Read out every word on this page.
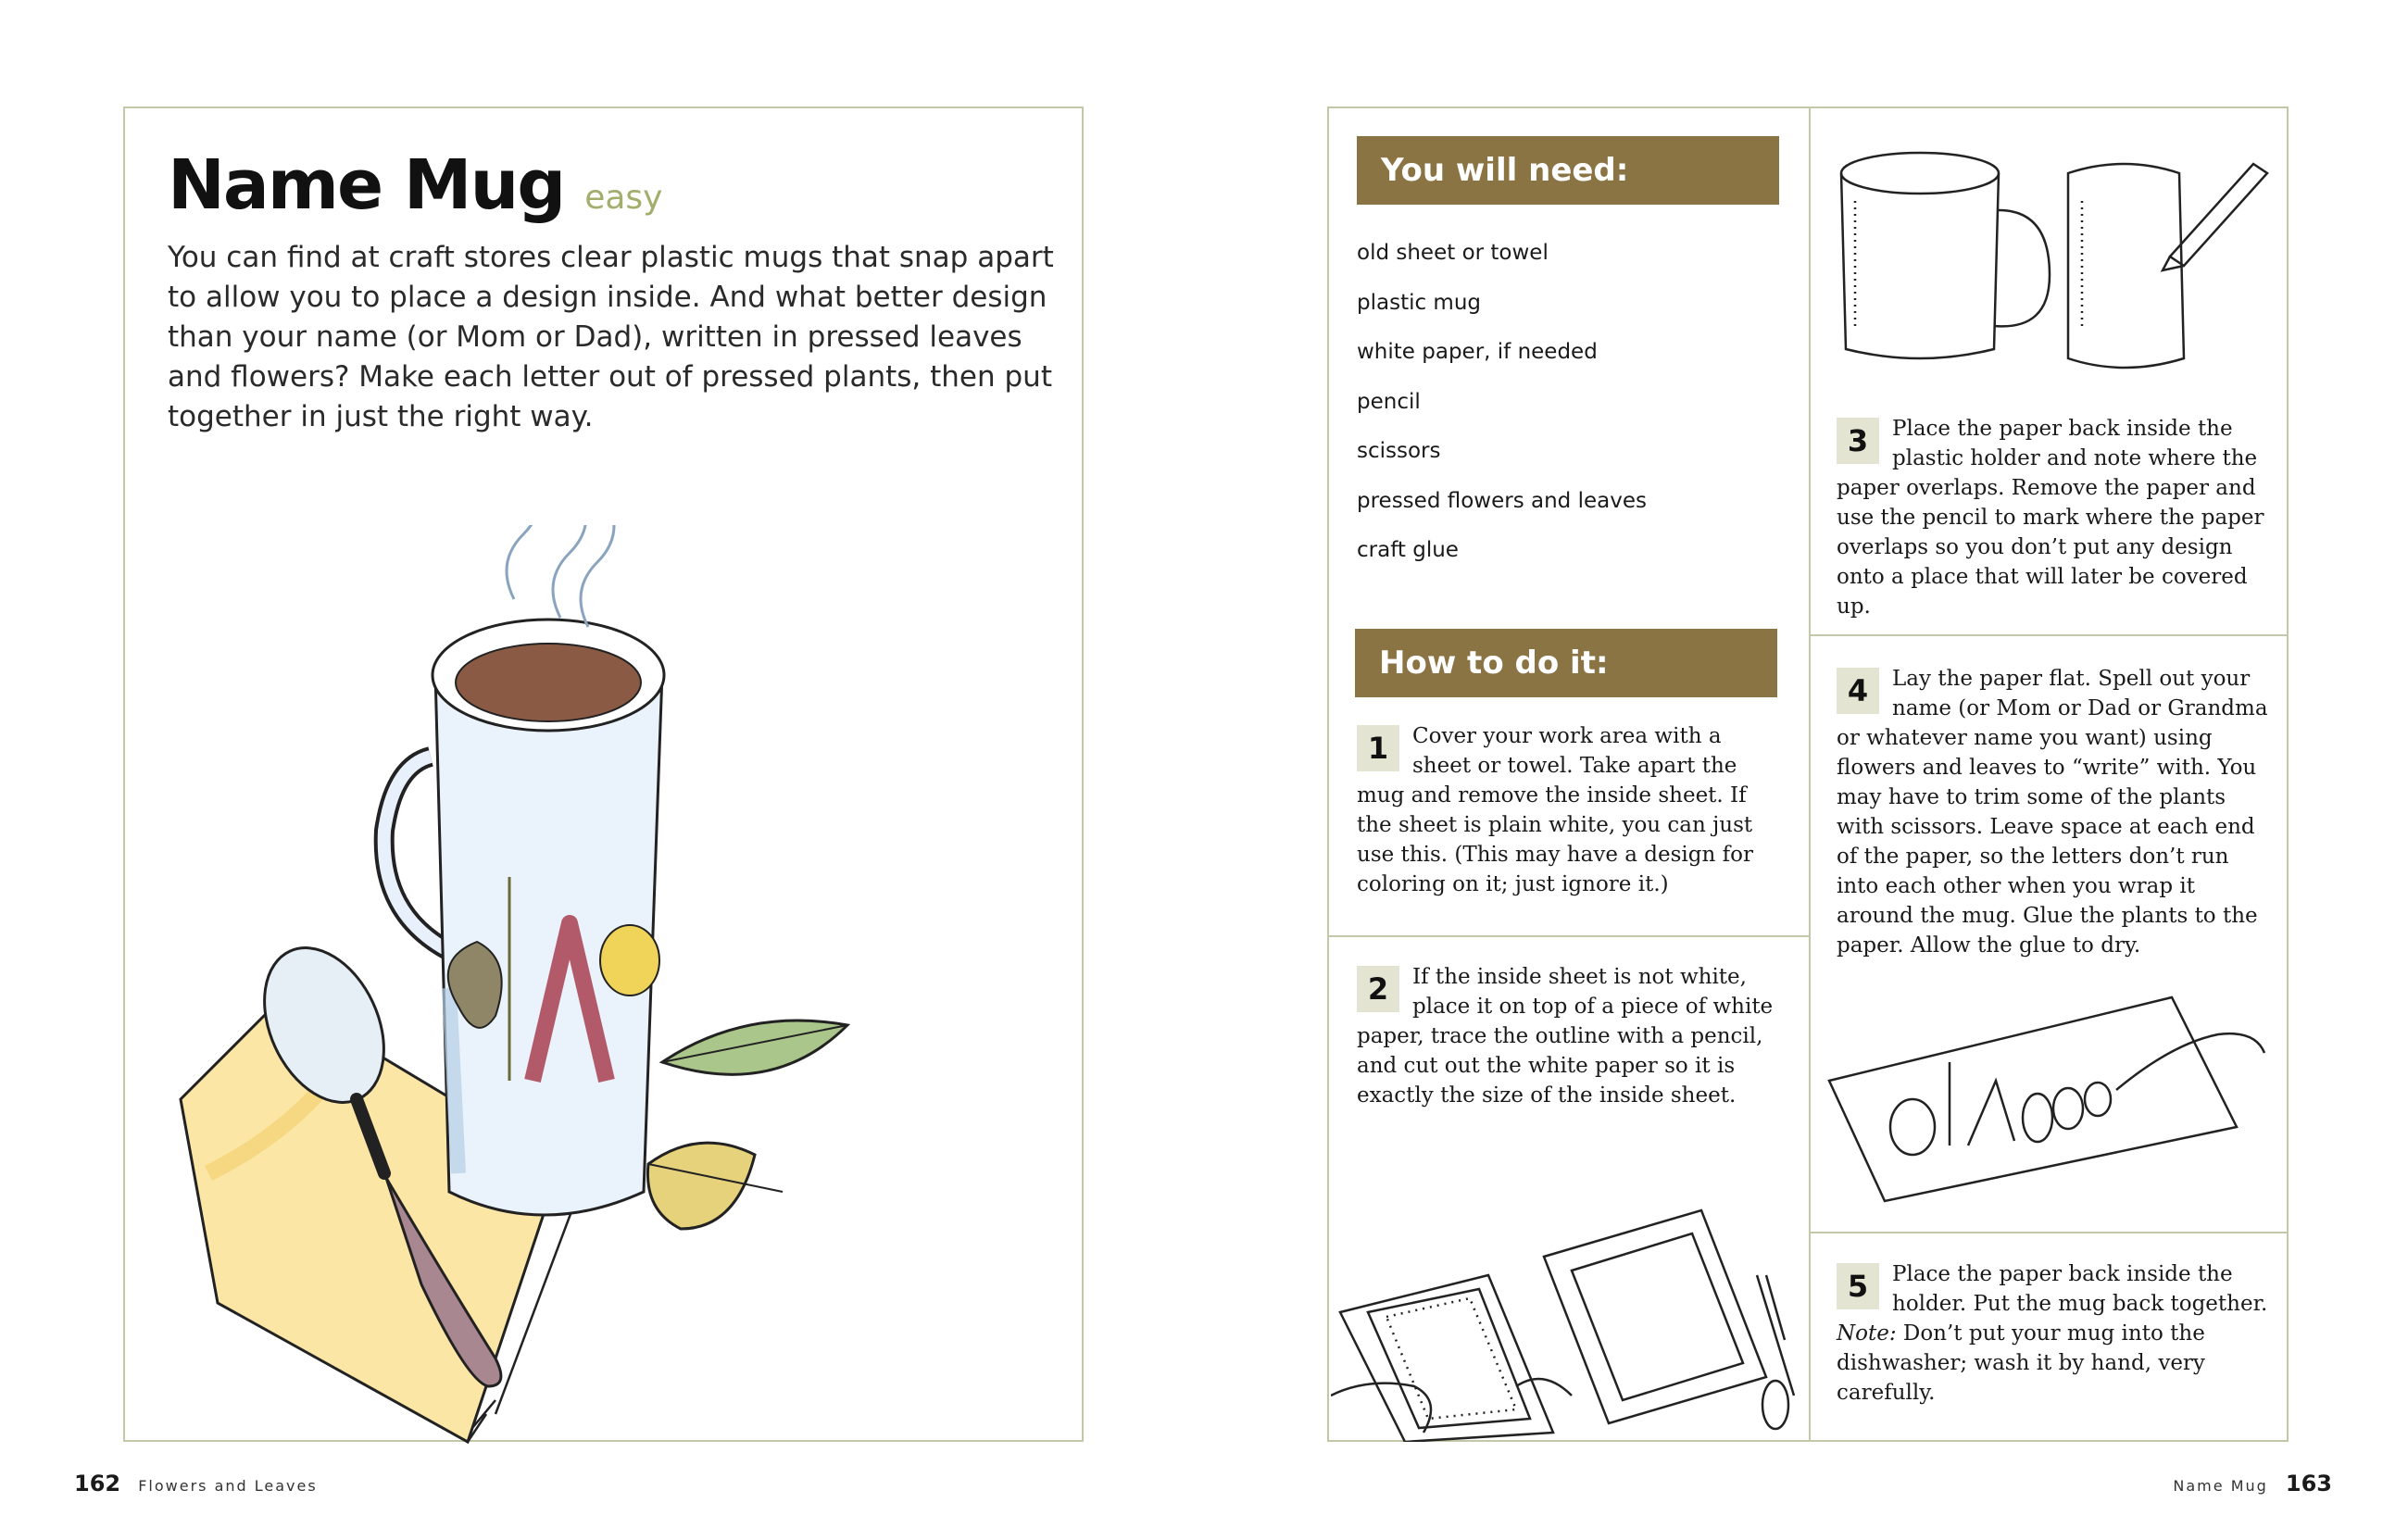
Name Mug easy

You can find at craft stores clear plastic mugs that snap apart to allow you to place a design inside. And what better design than your name (or Mom or Dad), written in pressed leaves and flowers? Make each letter out of pressed plants, then put together in just the right way.

162 Flowers and Leaves
You will need:
old sheet or towel
plastic mug
white paper, if needed
pencil
scissors
pressed flowers and leaves
craft glue
How to do it:
1	Cover your work area with a sheet or towel. Take apart the mug and remove the inside sheet. If the sheet is plain white, you can just use this. (This may have a design for coloring on it; just ignore it.)
2	If the inside sheet is not white, place it on top of a piece of white paper, trace the outline with a pencil, and cut out the white paper so it is exactly the size of the inside sheet.
3	Place the paper back inside the plastic holder and note where the paper overlaps. Remove the paper and use the pencil to mark where the paper overlaps so you don’t put any design onto a place that will later be covered up.
4	Lay the paper flat. Spell out your name (or Mom or Dad or Grandma or whatever name you want) using flowers and leaves to “write” with. You may have to trim some of the plants with scissors. Leave space at each end of the paper, so the letters don’t run into each other when you wrap it around the mug. Glue the plants to the paper. Allow the glue to dry.
5	Place the paper back inside the holder. Put the mug back together. Note: Don’t put your mug into the dishwasher; wash it by hand, very carefully.
Name Mug 163
